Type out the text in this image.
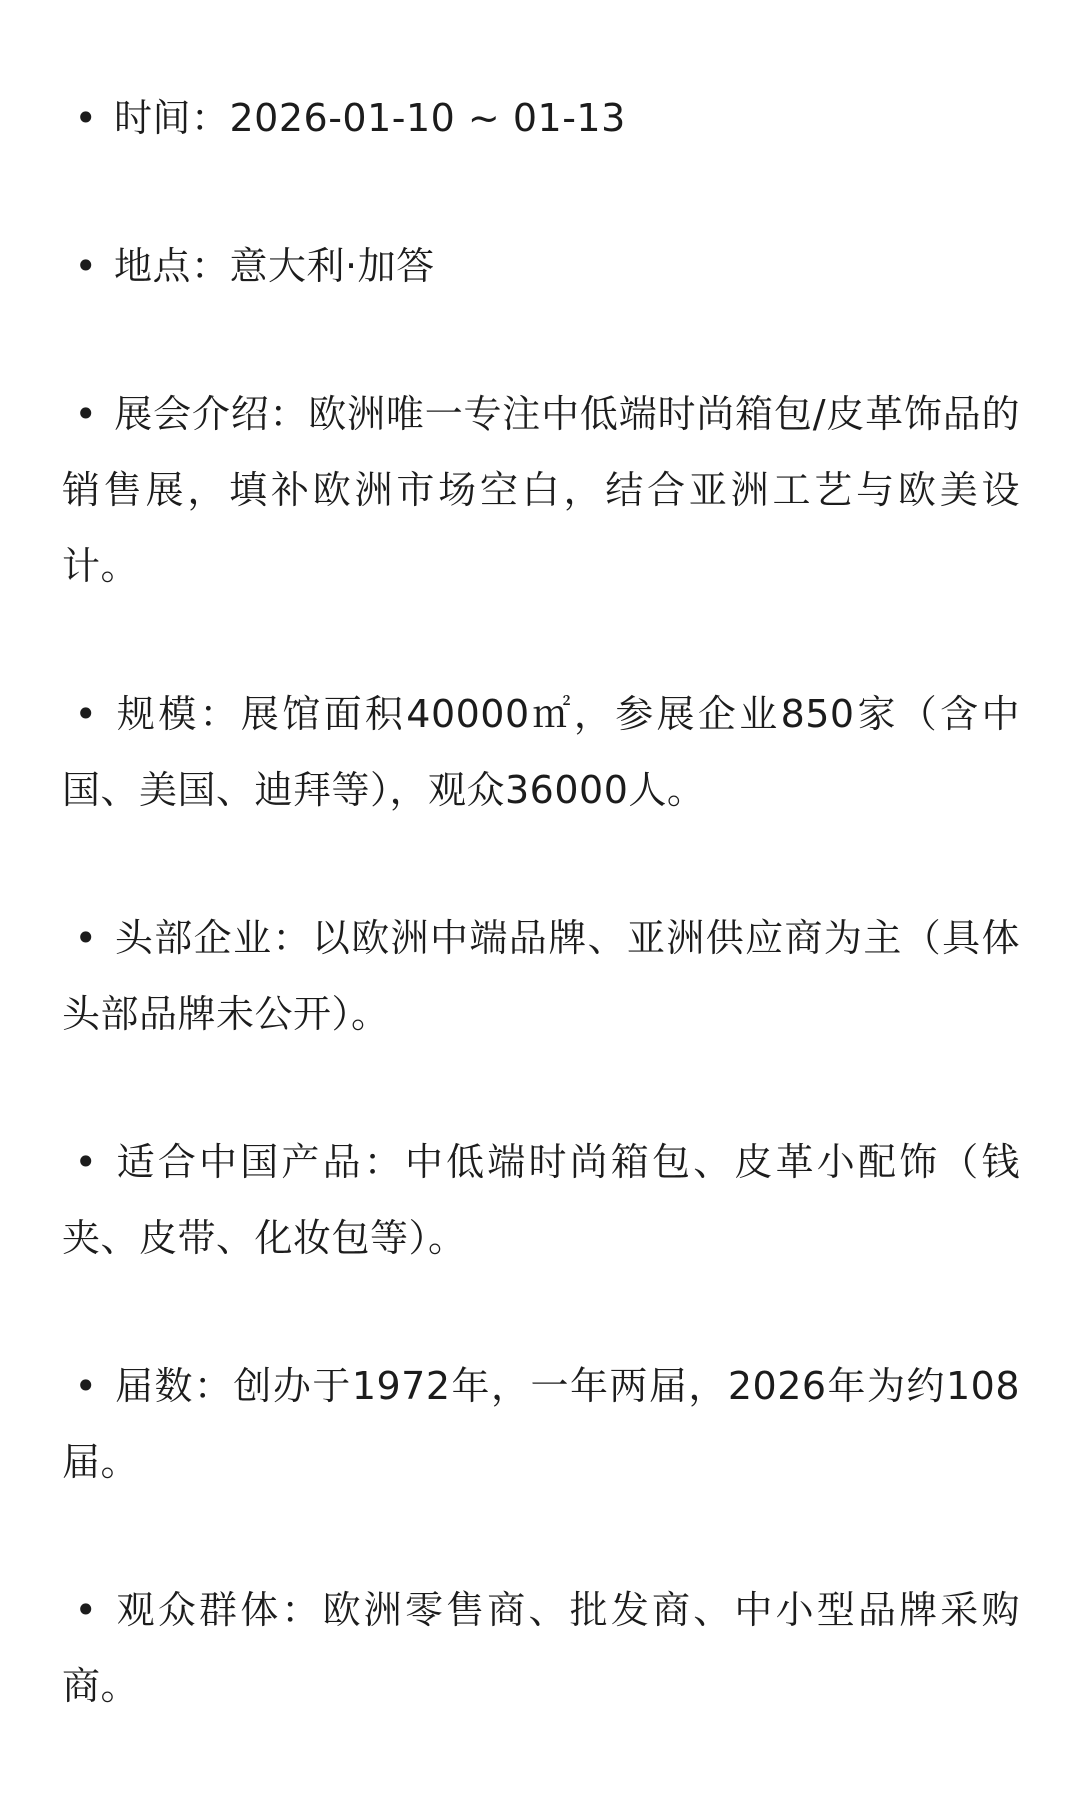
• 时间：2026-01-10 ~ 01-13

• 地点：意大利·加答

• 展会介绍：欧洲唯一专注中低端时尚箱包/皮革饰品的销售展，填补欧洲市场空白，结合亚洲工艺与欧美设计。

• 规模：展馆面积40000㎡，参展企业850家（含中国、美国、迪拜等），观众36000人。

• 头部企业：以欧洲中端品牌、亚洲供应商为主（具体头部品牌未公开）。

• 适合中国产品：中低端时尚箱包、皮革小配饰（钱夹、皮带、化妆包等）。

• 届数：创办于1972年，一年两届，2026年为约108届。

• 观众群体：欧洲零售商、批发商、中小型品牌采购商。
